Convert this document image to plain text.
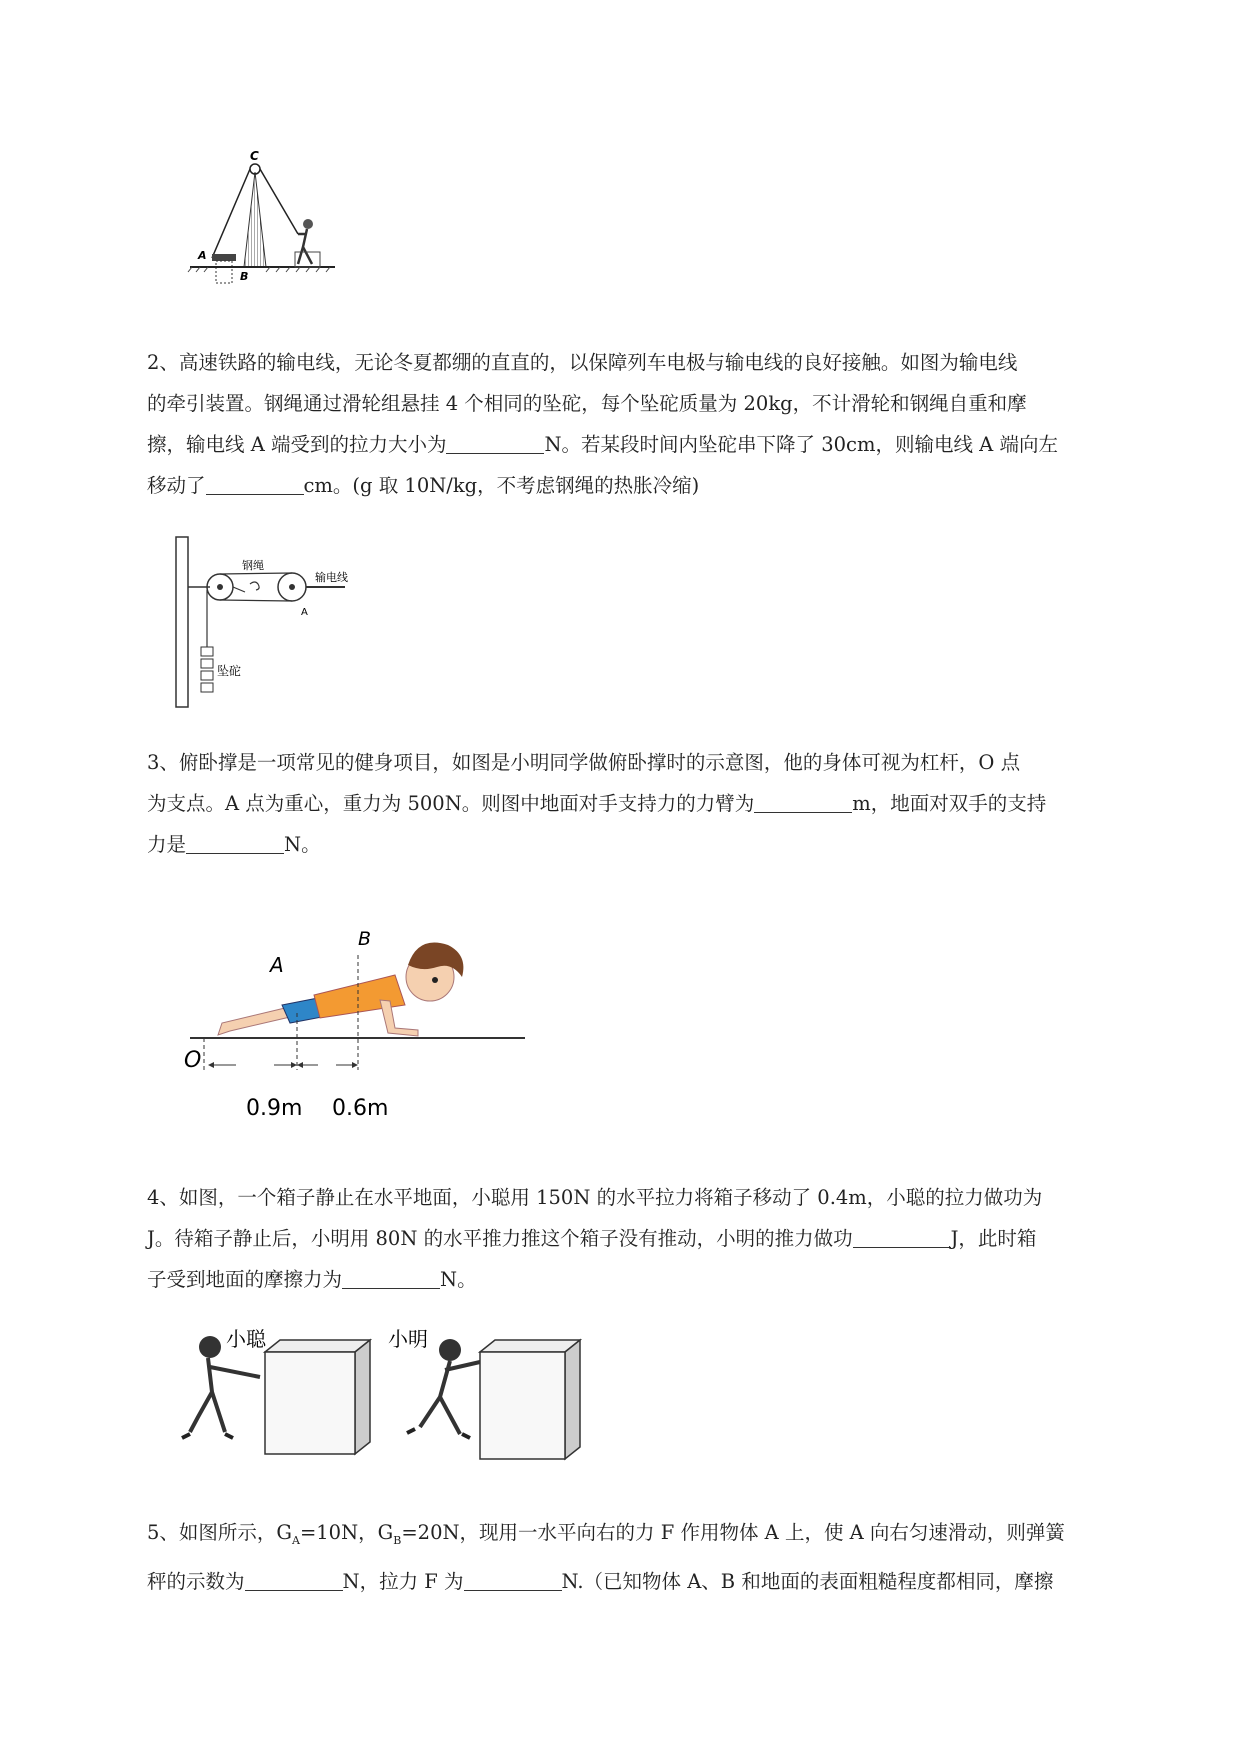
C
A
B

2、高速铁路的输电线，无论冬夏都绷的直直的，以保障列车电极与输电线的良好接触。如图为输电线

的牵引装置。钢绳通过滑轮组悬挂 4 个相同的坠砣，每个坠砣质量为 20kg，不计滑轮和钢绳自重和摩

擦，输电线 A 端受到的拉力大小为	N。若某段时间内坠砣串下降了 30cm，则输电线 A 端向左

移动了	cm。(g 取 10N/kg，不考虑钢绳的热胀冷缩)

钢绳
输电线
A
坠砣

3、俯卧撑是一项常见的健身项目，如图是小明同学做俯卧撑时的示意图，他的身体可视为杠杆，O 点

为支点。A 点为重心，重力为 500N。则图中地面对手支持力的力臂为	m，地面对双手的支持

力是	N。

B
A
O
0.9m 0.6m

4、如图，一个箱子静止在水平地面，小聪用 150N 的水平拉力将箱子移动了 0.4m，小聪的拉力做功为

J。待箱子静止后，小明用 80N 的水平推力推这个箱子没有推动，小明的推力做功	J，此时箱

子受到地面的摩擦力为	N。

小聪	小明

5、如图所示，$G_A=10N$，$G_B=20N$，现用一水平向右的力 F 作用物体 A 上，使 A 向右匀速滑动，则弹簧

秤的示数为	N，拉力 F 为	N.（已知物体 A、B 和地面的表面粗糙程度都相同，摩擦
